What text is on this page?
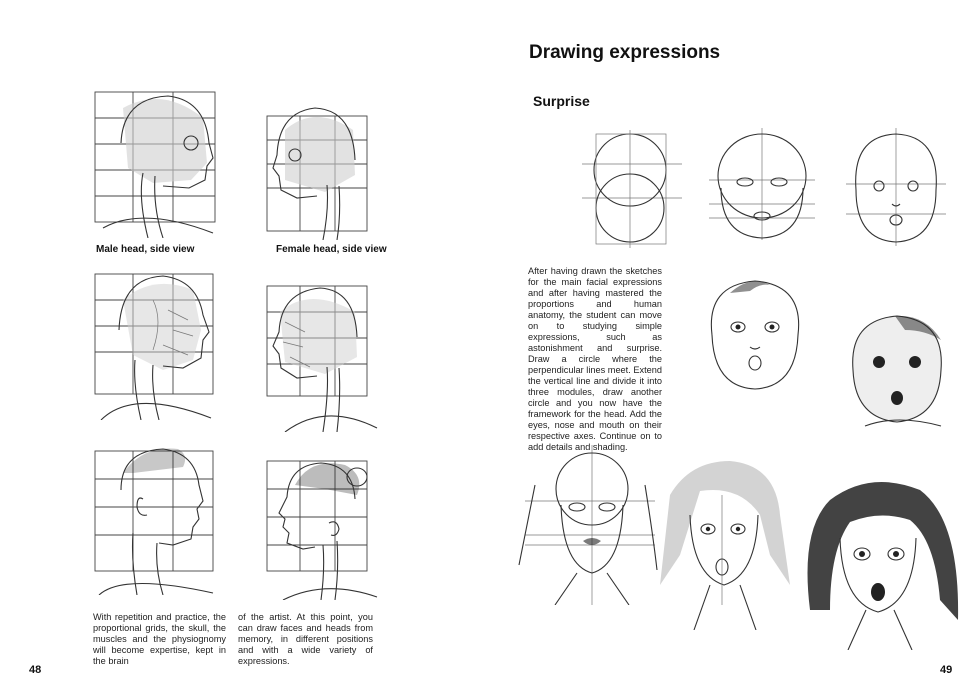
Male head, side view	Female head, side view
With repetition and practice, the proportional grids, the skull, the muscles and the physiognomy will become expertise, kept in the brain
of the artist. At this point, you can draw faces and heads from memory, in different positions and with a wide variety of expressions.
48
Drawing expressions
Surprise
After having drawn the sketches for the main facial expressions and after having mastered the proportions and human anatomy, the student can move on to studying simple expressions, such as astonishment and surprise. Draw a circle where the perpendicular lines meet. Extend the vertical line and divide it into three modules, draw another circle and you now have the framework for the head. Add the eyes, nose and mouth on their respective axes. Continue on to add details and shading.
49
